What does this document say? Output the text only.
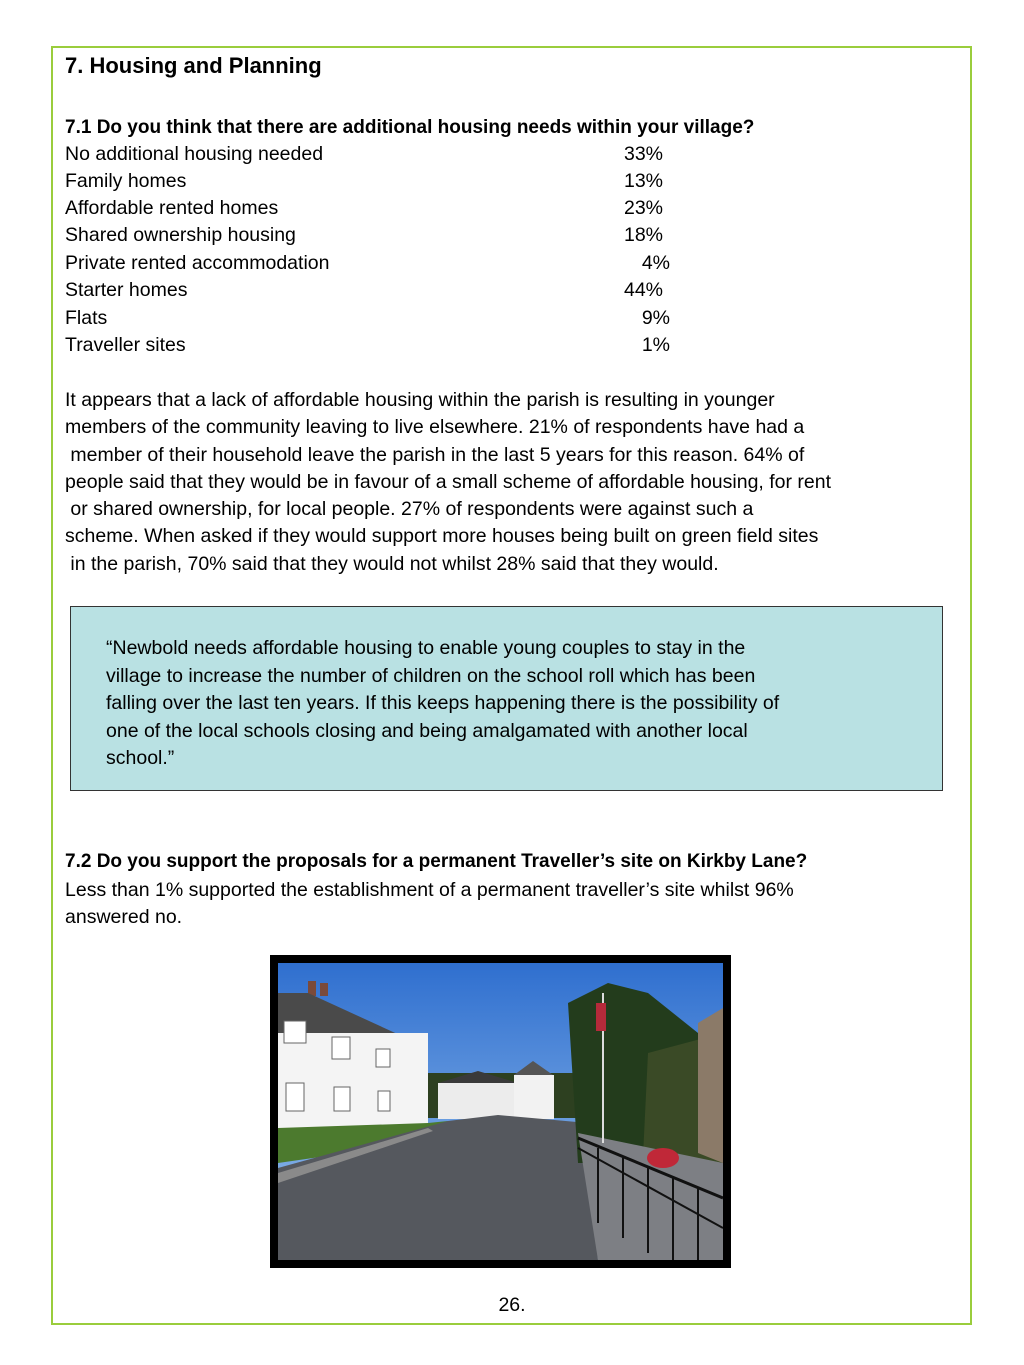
7. Housing and Planning

7.1 Do you think that there are additional housing needs within your village?

No additional housing needed	33%
Family homes	13%
Affordable rented homes	23%
Shared ownership housing	18%
Private rented accommodation	4%
Starter homes	44%
Flats	9%
Traveller sites	1%

It appears that a lack of affordable housing within the parish is resulting in younger
members of the community leaving to live elsewhere. 21% of respondents have had a
member of their household leave the parish in the last 5 years for this reason. 64% of
people said that they would be in favour of a small scheme of affordable housing, for rent
or shared ownership, for local people. 27% of respondents were against such a
scheme. When asked if they would support more houses being built on green field sites
in the parish, 70% said that they would not whilst 28% said that they would.

“Newbold needs affordable housing to enable young couples to stay in the
village to increase the number of children on the school roll which has been
falling over the last ten years. If this keeps happening there is the possibility of
one of the local schools closing and being amalgamated with another local
school.”

7.2 Do you support the proposals for a permanent Traveller’s site on Kirkby Lane?

Less than 1% supported the establishment of a permanent traveller’s site whilst 96%
answered no.

26.
